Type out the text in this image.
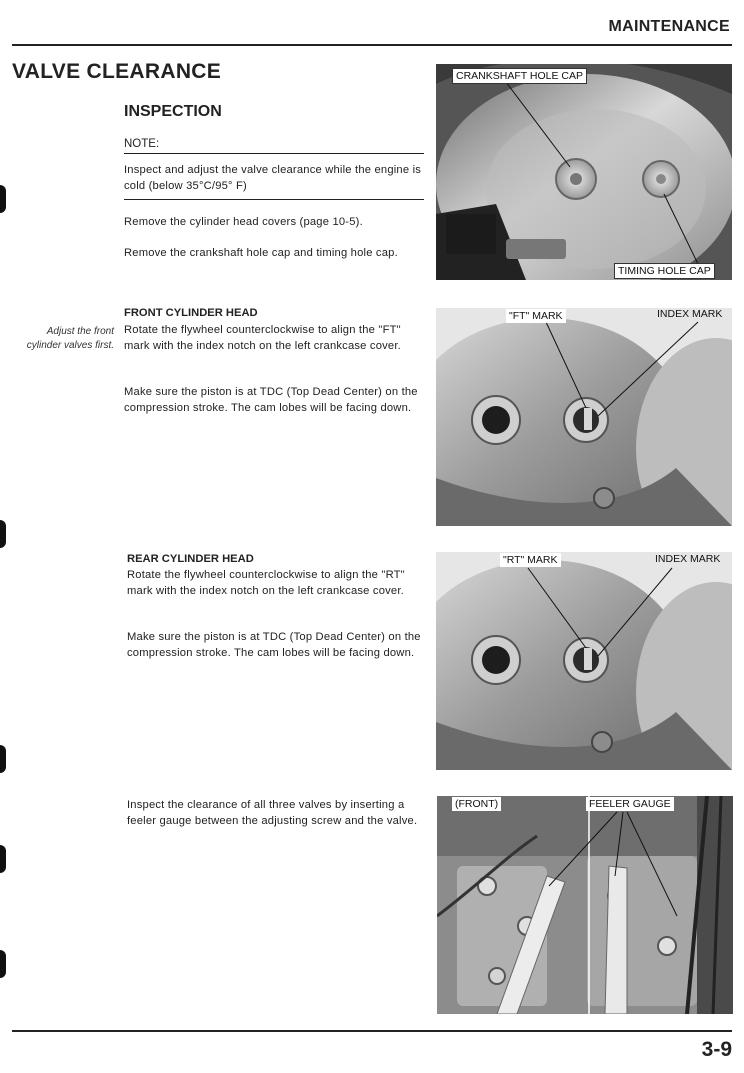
MAINTENANCE
VALVE CLEARANCE
INSPECTION
NOTE:
Inspect and adjust the valve clearance while the engine is cold (below 35°C/95° F)
Remove the cylinder head covers (page 10-5).
Remove the crankshaft hole cap and timing hole cap.
CRANKSHAFT HOLE CAP
TIMING HOLE CAP
Adjust the front cylinder valves first.
FRONT CYLINDER HEAD
Rotate the flywheel counterclockwise to align the "FT" mark with the index notch on the left crankcase cover.
Make sure the piston is at TDC (Top Dead Center) on the compression stroke. The cam lobes will be facing down.
"FT" MARK	INDEX MARK
REAR CYLINDER HEAD
Rotate the flywheel counterclockwise to align the "RT" mark with the index notch on the left crankcase cover.
Make sure the piston is at TDC (Top Dead Center) on the compression stroke. The cam lobes will be facing down.
"RT" MARK	INDEX MARK
Inspect the clearance of all three valves by inserting a feeler gauge between the adjusting screw and the valve.
(FRONT)	FEELER GAUGE
3-9
